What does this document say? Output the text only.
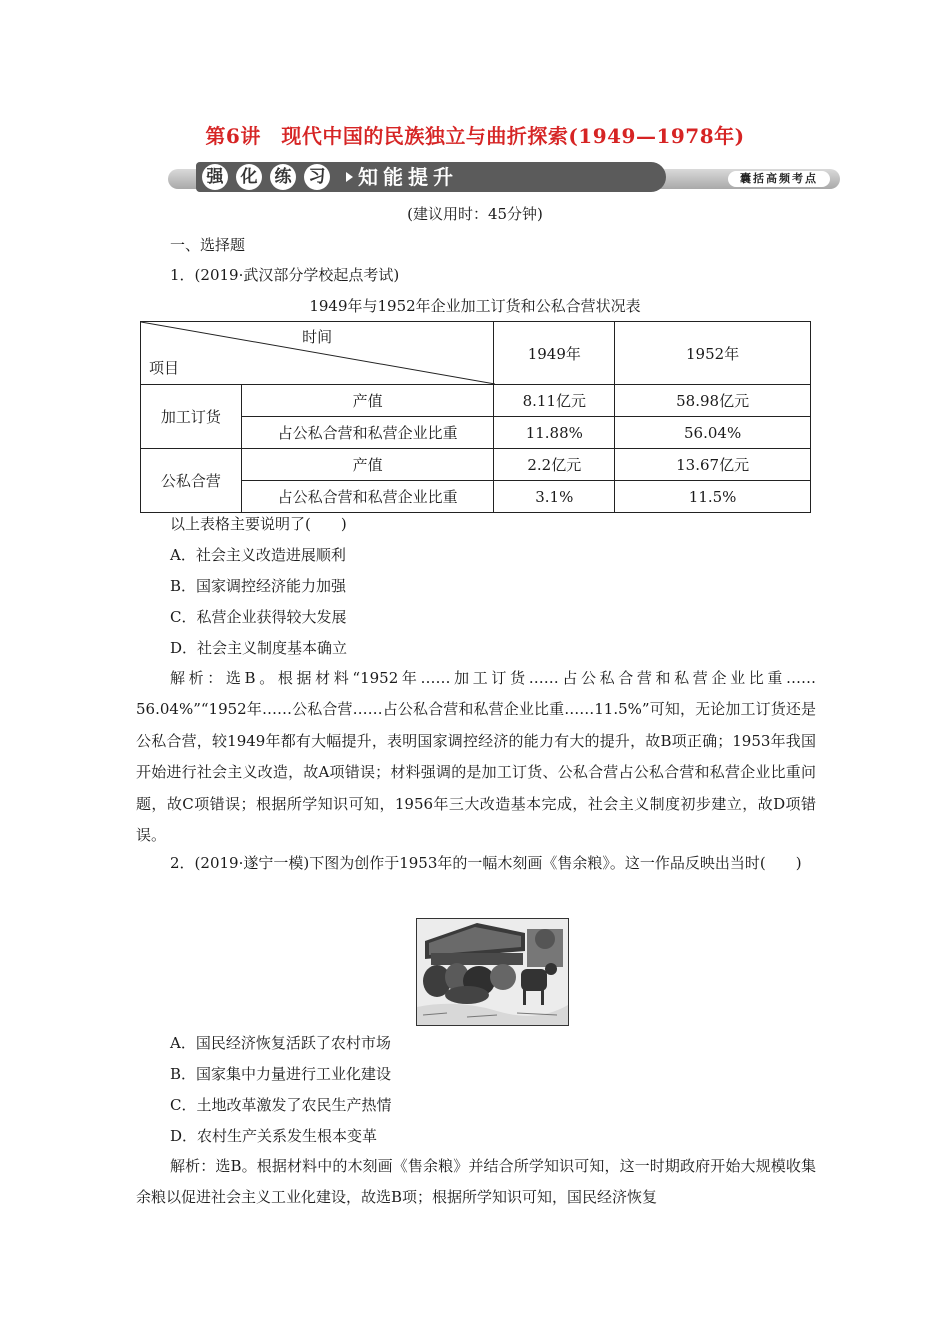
第6讲　现代中国的民族独立与曲折探索(1949—1978年)
强 化 练 习 知能提升	囊括高频考点
(建议用时：45分钟)
一、选择题
1．(2019·武汉部分学校起点考试)
1949年与1952年企业加工订货和公私合营状况表
时间
项目		1949年	1952年
加工订货	产值	8.11亿元	58.98亿元
	占公私合营和私营企业比重	11.88%	56.04%
公私合营	产值	2.2亿元	13.67亿元
	占公私合营和私营企业比重	3.1%	11.5%
以上表格主要说明了(　　)
A．社会主义改造进展顺利
B．国家调控经济能力加强
C．私营企业获得较大发展
D．社会主义制度基本确立

解析：选B。根据材料“1952年……加工订货……占公私合营和私营企业比重……56.04%”“1952年……公私合营……占公私合营和私营企业比重……11.5%”可知，无论加工订货还是公私合营，较1949年都有大幅提升，表明国家调控经济的能力有大的提升，故B项正确；1953年我国开始进行社会主义改造，故A项错误；材料强调的是加工订货、公私合营占公私合营和私营企业比重问题，故C项错误；根据所学知识可知，1956年三大改造基本完成，社会主义制度初步建立，故D项错误。

2．(2019·遂宁一模)下图为创作于1953年的一幅木刻画《售余粮》。这一作品反映出当时(　　)

A．国民经济恢复活跃了农村市场
B．国家集中力量进行工业化建设
C．土地改革激发了农民生产热情
D．农村生产关系发生根本变革

解析：选B。根据材料中的木刻画《售余粮》并结合所学知识可知，这一时期政府开始大规模收集余粮以促进社会主义工业化建设，故选B项；根据所学知识可知，国民经济恢复
